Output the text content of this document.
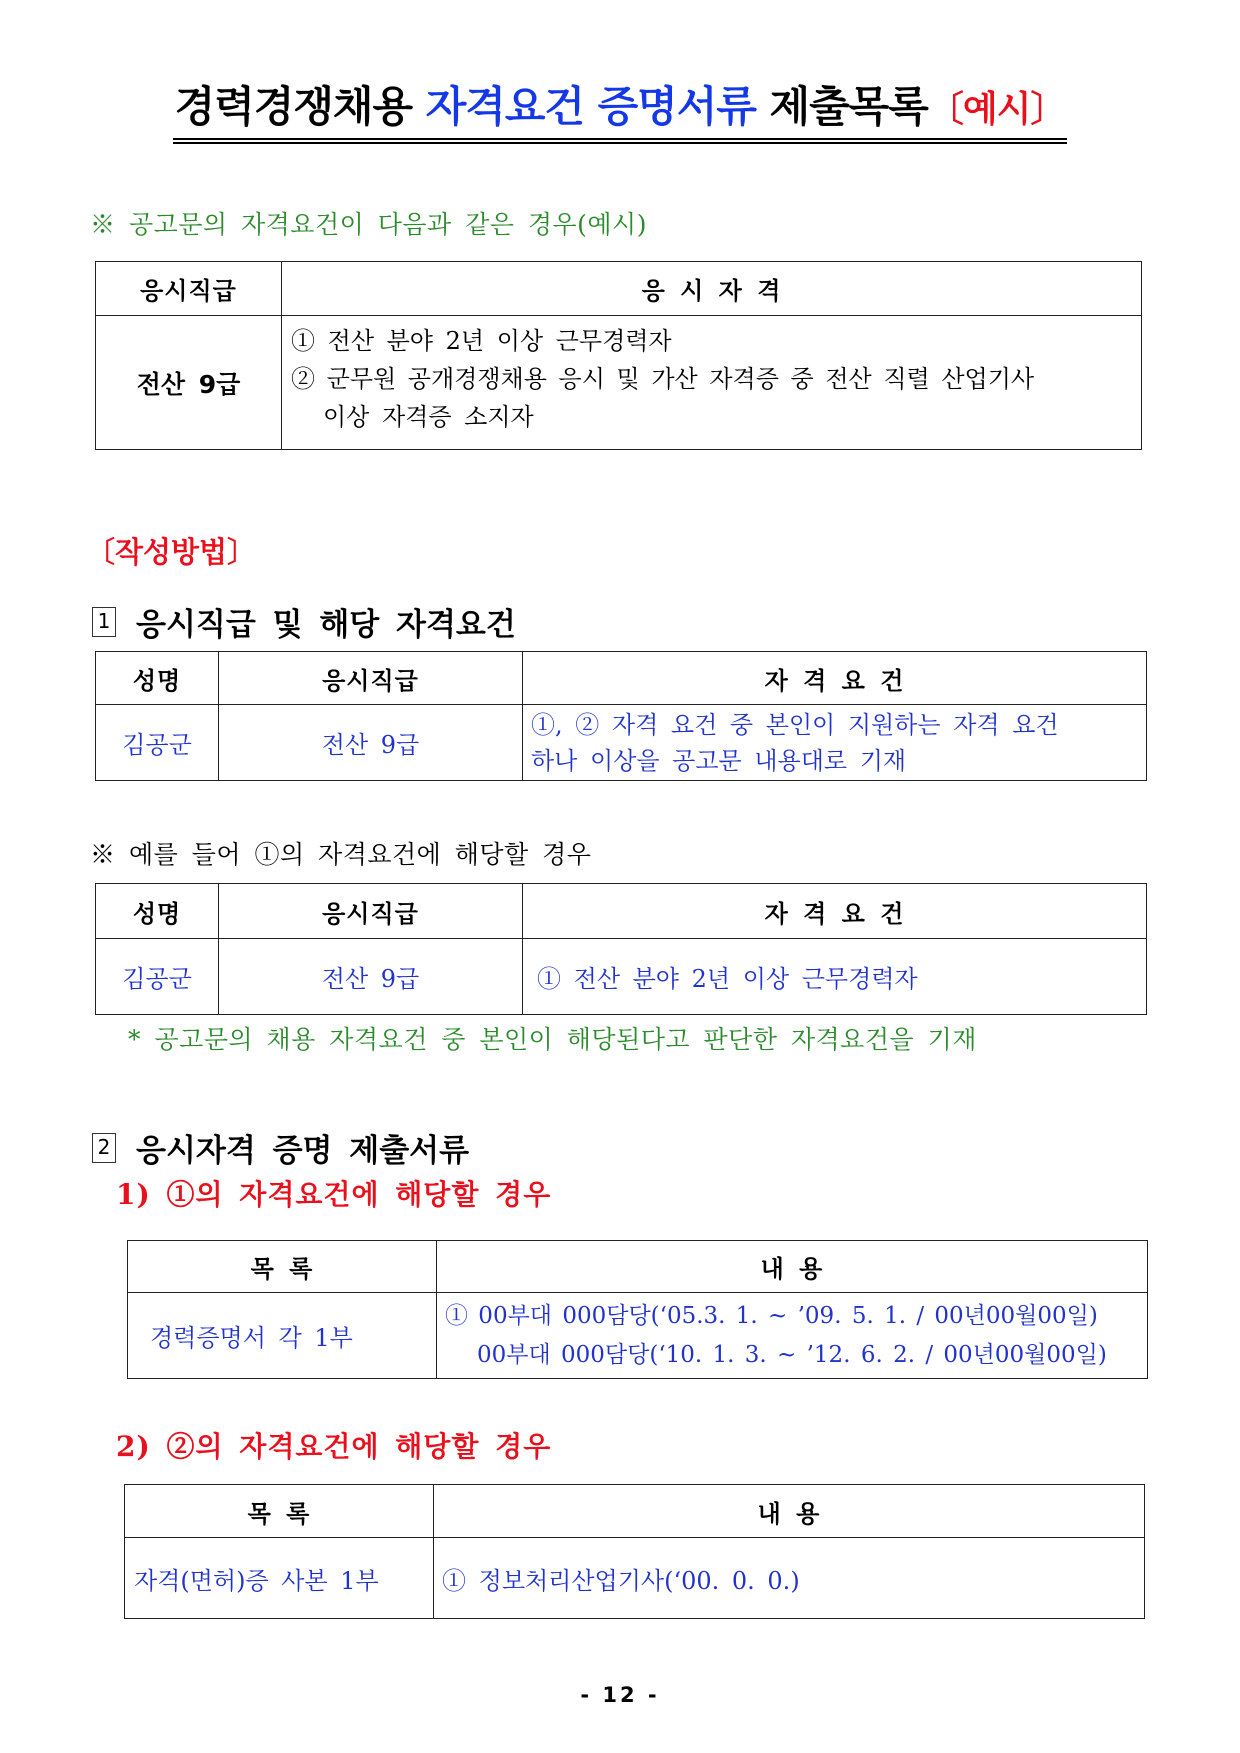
경력경쟁채용 자격요건 증명서류 제출목록〔예시〕
※ 공고문의 자격요건이 다음과 같은 경우(예시)
응시직급	응 시 자 격
전산 9급	① 전산 분야 2년 이상 근무경력자
② 군무원 공개경쟁채용 응시 및 가산 자격증 중 전산 직렬 산업기사
이상 자격증 소지자
〔작성방법〕
1 응시직급 및 해당 자격요건
성명	응시직급	자 격 요 건
김공군	전산 9급	①, ② 자격 요건 중 본인이 지원하는 자격 요건
하나 이상을 공고문 내용대로 기재
※ 예를 들어 ①의 자격요건에 해당할 경우
성명	응시직급	자 격 요 건
김공군	전산 9급	① 전산 분야 2년 이상 근무경력자
* 공고문의 채용 자격요건 중 본인이 해당된다고 판단한 자격요건을 기재
2 응시자격 증명 제출서류
1) ①의 자격요건에 해당할 경우
목 록	내 용
경력증명서 각 1부	① 00부대 000담당(‘05.3. 1. ~ ’09. 5. 1. / 00년00월00일)
00부대 000담당(‘10. 1. 3. ~ ’12. 6. 2. / 00년00월00일)
2) ②의 자격요건에 해당할 경우
목 록	내 용
자격(면허)증 사본 1부	① 정보처리산업기사(‘00. 0. 0.)
- 12 -
